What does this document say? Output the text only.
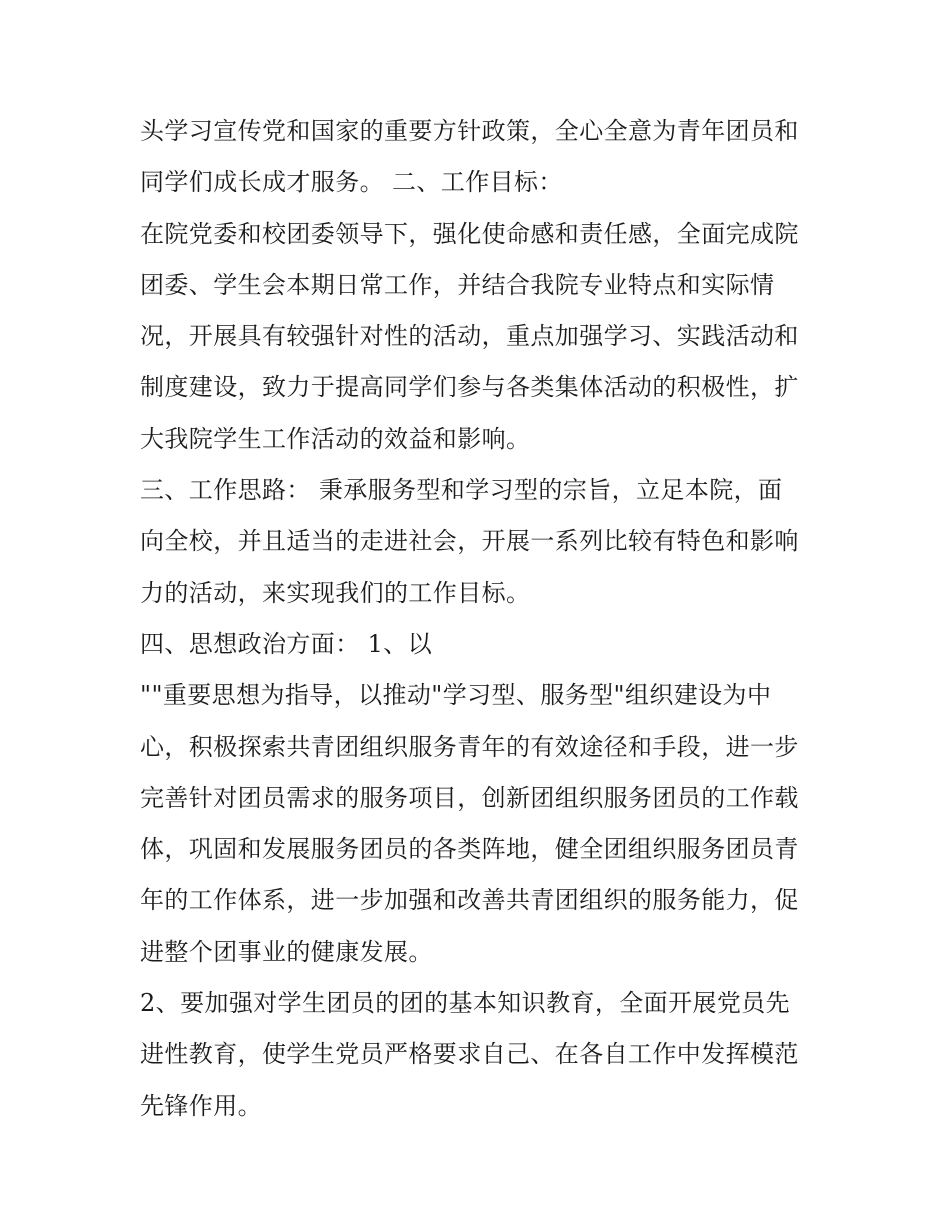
头学习宣传党和国家的重要方针政策，全心全意为青年团员和
同学们成长成才服务。 二、工作目标：
在院党委和校团委领导下，强化使命感和责任感，全面完成院
团委、学生会本期日常工作，并结合我院专业特点和实际情
况，开展具有较强针对性的活动，重点加强学习、实践活动和
制度建设，致力于提高同学们参与各类集体活动的积极性，扩
大我院学生工作活动的效益和影响。
三、工作思路： 秉承服务型和学习型的宗旨，立足本院，面
向全校，并且适当的走进社会，开展一系列比较有特色和影响
力的活动，来实现我们的工作目标。
四、思想政治方面： 1、以
""重要思想为指导，以推动"学习型、服务型"组织建设为中
心，积极探索共青团组织服务青年的有效途径和手段，进一步
完善针对团员需求的服务项目，创新团组织服务团员的工作载
体，巩固和发展服务团员的各类阵地，健全团组织服务团员青
年的工作体系，进一步加强和改善共青团组织的服务能力，促
进整个团事业的健康发展。
2、要加强对学生团员的团的基本知识教育，全面开展党员先
进性教育，使学生党员严格要求自己、在各自工作中发挥模范
先锋作用。
